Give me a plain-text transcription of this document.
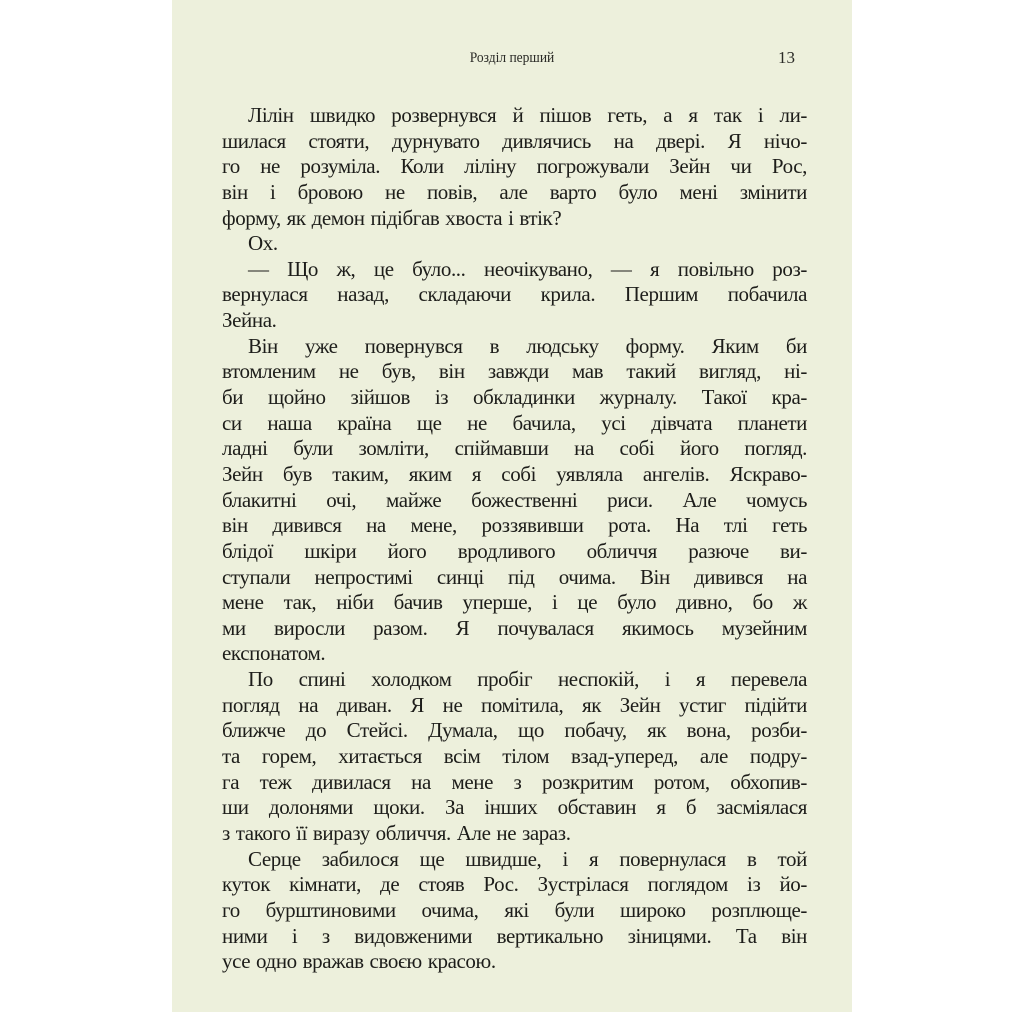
Розділ перший	13
Лілін швидко розвернувся й пішов геть, а я так і ли-
шилася стояти, дурнувато дивлячись на двері. Я нічо-
го не розуміла. Коли ліліну погрожували Зейн чи Рос,
він і бровою не повів, але варто було мені змінити
форму, як демон підібгав хвоста і втік?
Ох.
— Що ж, це було... неочікувано, — я повільно роз-
вернулася назад, складаючи крила. Першим побачила
Зейна.
Він уже повернувся в людську форму. Яким би
втомленим не був, він завжди мав такий вигляд, ні-
би щойно зійшов із обкладинки журналу. Такої кра-
си наша країна ще не бачила, усі дівчата планети
ладні були зомліти, спіймавши на собі його погляд.
Зейн був таким, яким я собі уявляла ангелів. Яскраво-
блакитні очі, майже божественні риси. Але чомусь
він дивився на мене, роззявивши рота. На тлі геть
блідої шкіри його вродливого обличчя разюче ви-
ступали непростимі синці під очима. Він дивився на
мене так, ніби бачив уперше, і це було дивно, бо ж
ми виросли разом. Я почувалася якимось музейним
експонатом.
По спині холодком пробіг неспокій, і я перевела
погляд на диван. Я не помітила, як Зейн устиг підійти
ближче до Стейсі. Думала, що побачу, як вона, розби-
та горем, хитається всім тілом взад-уперед, але подру-
га теж дивилася на мене з розкритим ротом, обхопив-
ши долонями щоки. За інших обставин я б засміялася
з такого її виразу обличчя. Але не зараз.
Серце забилося ще швидше, і я повернулася в той
куток кімнати, де стояв Рос. Зустрілася поглядом із йо-
го бурштиновими очима, які були широко розплюще-
ними і з видовженими вертикально зіницями. Та він
усе одно вражав своєю красою.
